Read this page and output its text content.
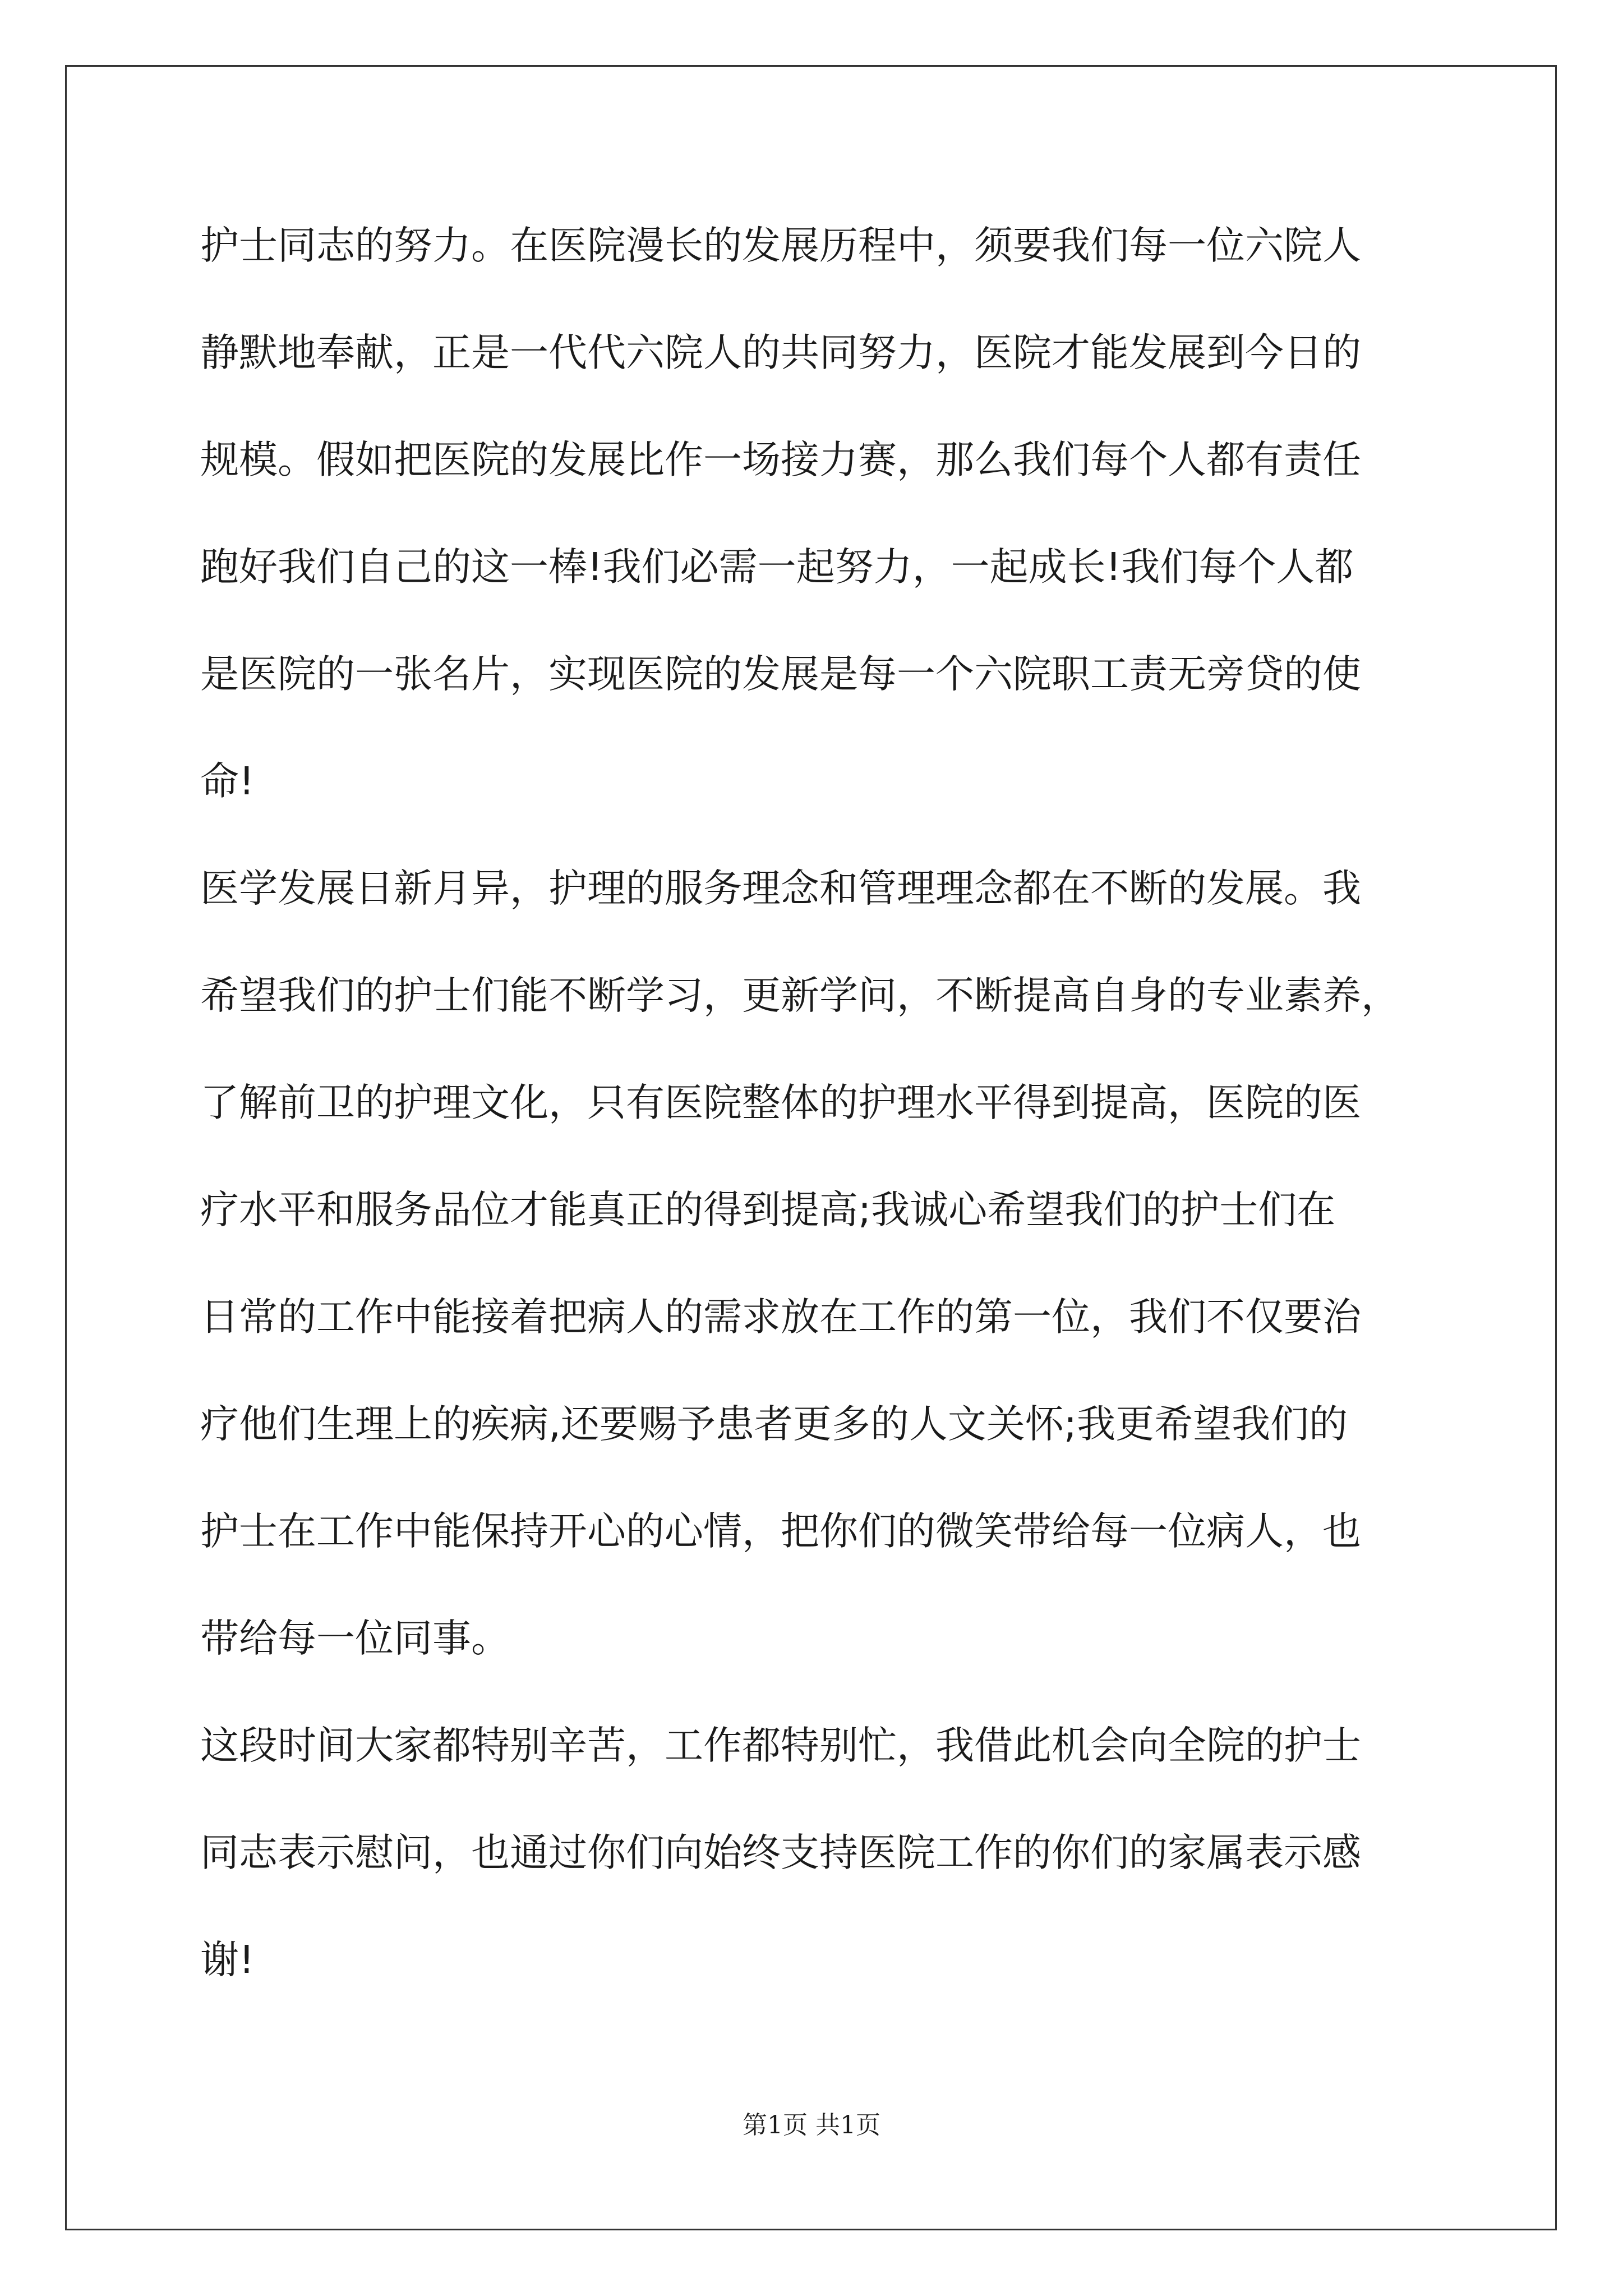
护士同志的努力。在医院漫长的发展历程中，须要我们每一位六院人
静默地奉献，正是一代代六院人的共同努力，医院才能发展到今日的
规模。假如把医院的发展比作一场接力赛，那么我们每个人都有责任
跑好我们自己的这一棒!我们必需一起努力，一起成长!我们每个人都
是医院的一张名片，实现医院的发展是每一个六院职工责无旁贷的使
命!
医学发展日新月异，护理的服务理念和管理理念都在不断的发展。我
希望我们的护士们能不断学习，更新学问，不断提高自身的专业素养，
了解前卫的护理文化，只有医院整体的护理水平得到提高，医院的医
疗水平和服务品位才能真正的得到提高;我诚心希望我们的护士们在
日常的工作中能接着把病人的需求放在工作的第一位，我们不仅要治
疗他们生理上的疾病,还要赐予患者更多的人文关怀;我更希望我们的
护士在工作中能保持开心的心情，把你们的微笑带给每一位病人，也
带给每一位同事。
这段时间大家都特别辛苦，工作都特别忙，我借此机会向全院的护士
同志表示慰问，也通过你们向始终支持医院工作的你们的家属表示感
谢!
第1页 共1页
